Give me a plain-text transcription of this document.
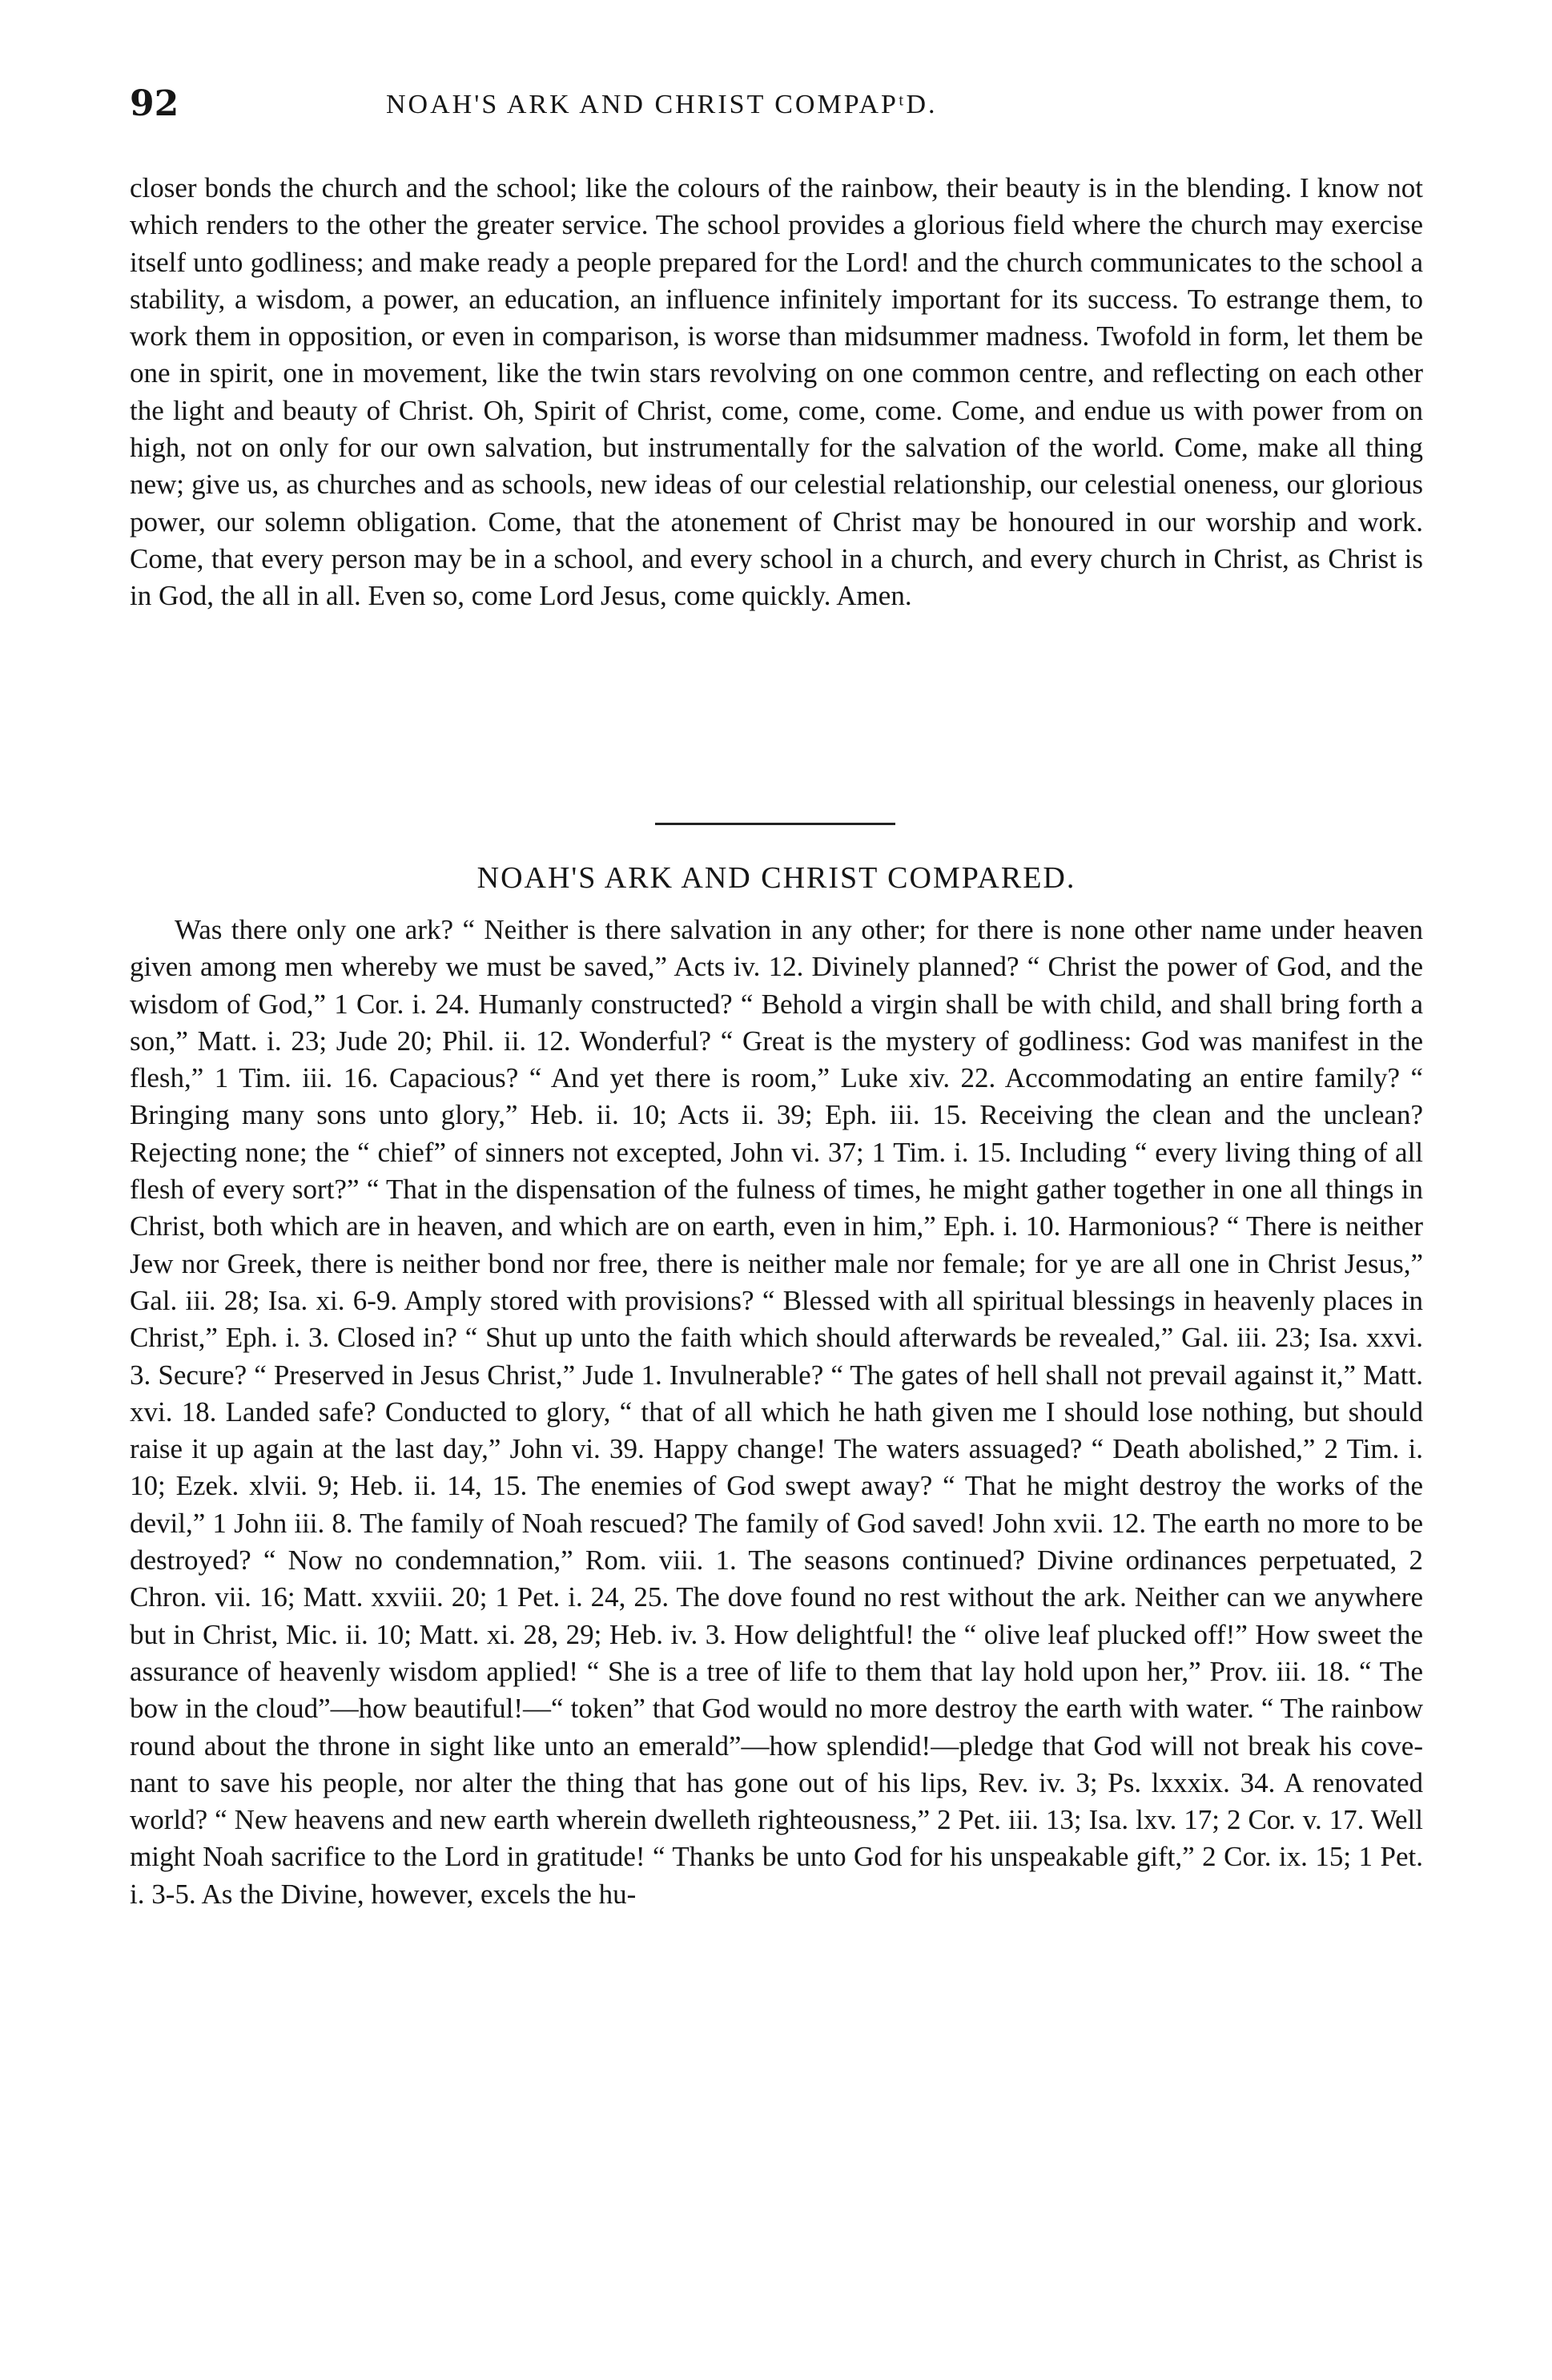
92	NOAH'S ARK AND CHRIST COMPAPᵗD.

closer bonds the church and the school; like the colours of the rainbow, their beauty is in the blending. I know not which renders to the other the greater service. The school provides a glorious field where the church may exercise itself unto godliness; and make ready a people prepared for the Lord! and the church communicates to the school a stability, a wisdom, a power, an education, an influence infinitely important for its success. To estrange them, to work them in opposition, or even in comparison, is worse than midsummer madness. Twofold in form, let them be one in spirit, one in movement, like the twin stars revolving on one common centre, and reflecting on each other the light and beauty of Christ. Oh, Spirit of Christ, come, come, come. Come, and endue us with power from on high, not on only for our own salvation, but instrumentally for the salvation of the world. Come, make all thing new; give us, as churches and as schools, new ideas of our celestial relationship, our celestial oneness, our glorious power, our solemn obligation. Come, that the atonement of Christ may be honoured in our worship and work. Come, that every person may be in a school, and every school in a church, and every church in Christ, as Christ is in God, the all in all. Even so, come Lord Jesus, come quickly. Amen.

NOAH'S ARK AND CHRIST COMPARED.

Was there only one ark? “ Neither is there salvation in any other; for there is none other name under heaven given among men whereby we must be saved,” Acts iv. 12. Divinely planned? “ Christ the power of God, and the wisdom of God,” 1 Cor. i. 24. Humanly constructed? “ Behold a virgin shall be with child, and shall bring forth a son,” Matt. i. 23; Jude 20; Phil. ii. 12. Wonderful? “ Great is the mystery of godliness: God was manifest in the flesh,” 1 Tim. iii. 16. Capacious? “ And yet there is room,” Luke xiv. 22. Accommodating an entire family? “ Bringing many sons unto glory,” Heb. ii. 10; Acts ii. 39; Eph. iii. 15. Receiving the clean and the unclean? Rejecting none; the “ chief” of sinners not excepted, John vi. 37; 1 Tim. i. 15. Including “ every living thing of all flesh of every sort?” “ That in the dispensation of the fulness of times, he might gather together in one all things in Christ, both which are in heaven, and which are on earth, even in him,” Eph. i. 10. Harmonious? “ There is neither Jew nor Greek, there is neither bond nor free, there is neither male nor female; for ye are all one in Christ Jesus,” Gal. iii. 28; Isa. xi. 6-9. Amply stored with provisions? “ Blessed with all spiritual blessings in heavenly places in Christ,” Eph. i. 3. Closed in? “ Shut up unto the faith which should afterwards be revealed,” Gal. iii. 23; Isa. xxvi. 3. Secure? “ Preserved in Jesus Christ,” Jude 1. Invulnerable? “ The gates of hell shall not prevail against it,” Matt. xvi. 18. Landed safe? Conducted to glory, “ that of all which he hath given me I should lose nothing, but should raise it up again at the last day,” John vi. 39. Happy change! The waters assuaged? “ Death abolished,” 2 Tim. i. 10; Ezek. xlvii. 9; Heb. ii. 14, 15. The enemies of God swept away? “ That he might destroy the works of the devil,” 1 John iii. 8. The family of Noah rescued? The family of God saved! John xvii. 12. The earth no more to be destroyed? “ Now no condemnation,” Rom. viii. 1. The seasons continued? Divine ordinances perpetuated, 2 Chron. vii. 16; Matt. xxviii. 20; 1 Pet. i. 24, 25. The dove found no rest without the ark. Neither can we anywhere but in Christ, Mic. ii. 10; Matt. xi. 28, 29; Heb. iv. 3. How delightful! the “ olive leaf plucked off!” How sweet the assurance of heavenly wisdom applied! “ She is a tree of life to them that lay hold upon her,” Prov. iii. 18. “ The bow in the cloud”—how beautiful!—“ token” that God would no more destroy the earth with water. “ The rainbow round about the throne in sight like unto an emerald”—how splendid!—pledge that God will not break his covenant to save his people, nor alter the thing that has gone out of his lips, Rev. iv. 3; Ps. lxxxix. 34. A renovated world? “ New heavens and new earth wherein dwelleth righteousness,” 2 Pet. iii. 13; Isa. lxv. 17; 2 Cor. v. 17. Well might Noah sacrifice to the Lord in gratitude! “ Thanks be unto God for his unspeakable gift,” 2 Cor. ix. 15; 1 Pet. i. 3-5. As the Divine, however, excels the hu-
